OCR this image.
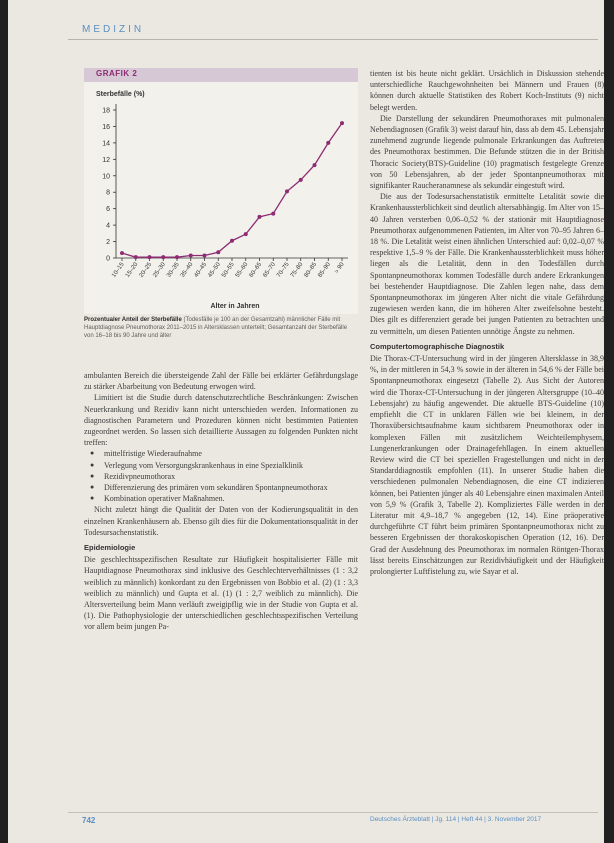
MEDIZIN
GRAFIK 2
Sterbefälle (%)
0
2
4
6
8
10
12
14
16
18
10–15 15–20 20–25 25–30 30–35 35–40 40–45 45–50 50–55 55–60 60–65 65–70 70–75 75–80 80–85 85–90 > 90
Alter in Jahren
Prozentualer Anteil der Sterbefälle (Todesfälle je 100 an der Gesamtzahl) männlicher Fälle mit Hauptdiagnose Pneumothorax 2011–2015 in Altersklassen unterteilt; Gesamtanzahl der Sterbefälle von 16–18 bis 90 Jahre und älter

ambulanten Bereich die übersteigende Zahl der Fälle bei erklärter Gefährdungslage zu stärker Abarbeitung von Bedeutung erwogen wird.

Limitiert ist die Studie durch datenschutzrechtliche Beschränkungen: Zwischen Neuerkrankung und Rezidiv kann nicht unterschieden werden. Informationen zu diagnostischen Parametern und Prozeduren können nicht bestimmten Patienten zugeordnet werden. So lassen sich detaillierte Aussagen zu folgenden Punkten nicht treffen:

● mittelfristige Wiederaufnahme
● Verlegung vom Versorgungskrankenhaus in eine Spezialklinik
● Rezidivpneumothorax
● Differenzierung des primären vom sekundären Spontanpneumothorax
● Kombination operativer Maßnahmen.

Nicht zuletzt hängt die Qualität der Daten von der Kodierungsqualität in den einzelnen Krankenhäusern ab. Ebenso gilt dies für die Dokumentationsqualität in der Todesursachenstatistik.

Epidemiologie

Die geschlechtsspezifischen Resultate zur Häufigkeit hospitalisierter Fälle mit Hauptdiagnose Pneumothorax sind inklusive des Geschlechterverhältnisses (1 : 3,2 weiblich zu männlich) konkordant zu den Ergebnissen von Bobbio et al. (2) (1 : 3,3 weiblich zu männlich) und Gupta et al. (1) (1 : 2,7 weiblich zu männlich). Die Altersverteilung beim Mann verläuft zweigipflig wie in der Studie von Gupta et al. (1). Die Pathophysiologie der unterschiedlichen geschlechtsspezifischen Verteilung vor allem beim jungen Pa-

tienten ist bis heute nicht geklärt. Ursächlich in Diskussion stehende unterschiedliche Rauchgewohnheiten bei Männern und Frauen (8) können durch aktuelle Statistiken des Robert Koch-Instituts (9) nicht belegt werden.

Die Darstellung der sekundären Pneumothoraxes mit pulmonalen Nebendiagnosen (Grafik 3) weist darauf hin, dass ab dem 45. Lebensjahr zunehmend zugrunde liegende pulmonale Erkrankungen das Auftreten des Pneumothorax bestimmen. Die Befunde stützen die in der British Thoracic Society(BTS)-Guideline (10) pragmatisch festgelegte Grenze von 50 Lebensjahren, ab der jeder Spontanpneumothorax mit signifikanter Raucheranamnese als sekundär eingestuft wird.

Die aus der Todesursachenstatistik ermittelte Letalität sowie die Krankenhaussterblichkeit sind deutlich altersabhängig. Im Alter von 15–40 Jahren versterben 0,06–0,52 % der stationär mit Hauptdiagnose Pneumothorax aufgenommenen Patienten, im Alter von 70–95 Jahren 6–18 %. Die Letalität weist einen ähnlichen Unterschied auf: 0,02–0,07 % respektive 1,5–9 % der Fälle. Die Krankenhaussterblichkeit muss höher liegen als die Letalität, denn in den Todesfällen durch Spontanpneumothorax kommen Todesfälle durch andere Erkrankungen bei bestehender Hauptdiagnose. Die Zahlen legen nahe, dass dem Spontanpneumothorax im jüngeren Alter nicht die vitale Gefährdung zugewiesen werden kann, die im höheren Alter zweifelsohne besteht. Dies gilt es differenziert gerade bei jungen Patienten zu betrachten und zu vermitteln, um diesen Patienten unnötige Ängste zu nehmen.

Computertomographische Diagnostik

Die Thorax-CT-Untersuchung wird in der jüngeren Altersklasse in 38,9 %, in der mittleren in 54,3 % sowie in der älteren in 54,6 % der Fälle bei Spontanpneumothorax eingesetzt (Tabelle 2). Aus Sicht der Autoren wird die Thorax-CT-Untersuchung in der jüngeren Altersgruppe (10–40 Lebensjahr) zu häufig angewendet. Die aktuelle BTS-Guideline (10) empfiehlt die CT in unklaren Fällen wie bei kleinem, in der Thoraxübersichtsaufnahme kaum sichtbarem Pneumothorax oder in komplexen Fällen mit zusätzlichem Weichteilemphysem, Lungenerkrankungen oder Drainagefehllagen. In einem aktuellen Review wird die CT bei speziellen Fragestellungen und nicht in der Standarddiagnostik empfohlen (11). In unserer Studie haben die verschiedenen pulmonalen Nebendiagnosen, die eine CT indizieren können, bei Patienten jünger als 40 Lebensjahre einen maximalen Anteil von 5,9 % (Grafik 3, Tabelle 2). Kompliziertes Fälle werden in der Literatur mit 4,9–18,7 % angegeben (12, 14). Eine präoperative durchgeführte CT führt beim primären Spontanpneumothorax nicht zu besseren Ergebnissen der thorakoskopischen Operation (12, 16). Der Grad der Ausdehnung des Pneumothorax im normalen Röntgen-Thorax lässt bereits Einschätzungen zur Rezidivhäufigkeit und der Häufigkeit prolongierter Luftfistelung zu, wie Sayar et al.

742	Deutsches Ärzteblatt | Jg. 114 | Heft 44 | 3. November 2017
